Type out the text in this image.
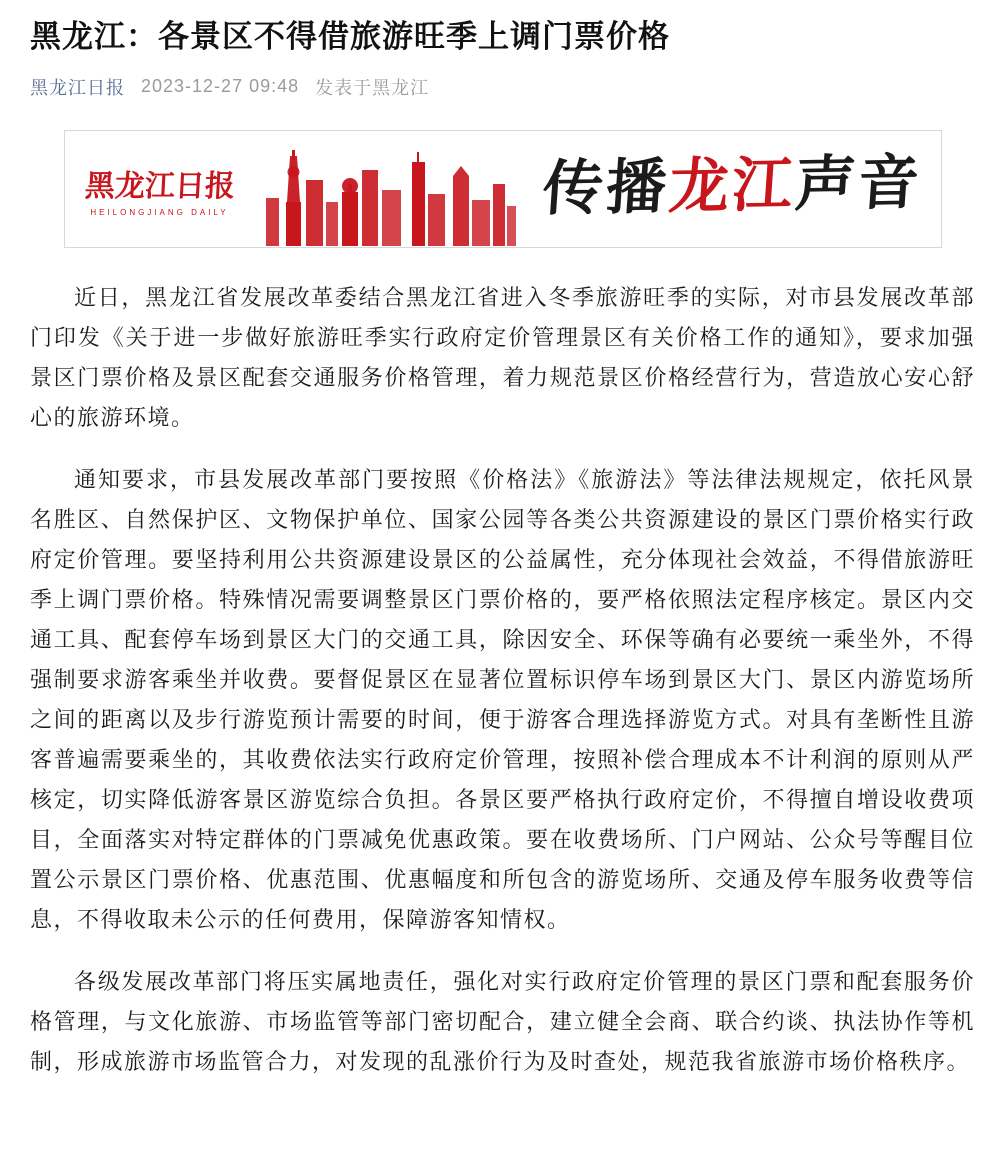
黑龙江：各景区不得借旅游旺季上调门票价格
黑龙江日报 2023-12-27 09:48 发表于黑龙江
黑龙江日报
HEILONGJIANG DAILY	传播龙江声音

近日，黑龙江省发展改革委结合黑龙江省进入冬季旅游旺季的实际，对市县发展改革部门印发《关于进一步做好旅游旺季实行政府定价管理景区有关价格工作的通知》，要求加强景区门票价格及景区配套交通服务价格管理，着力规范景区价格经营行为，营造放心安心舒心的旅游环境。

通知要求，市县发展改革部门要按照《价格法》《旅游法》等法律法规规定，依托风景名胜区、自然保护区、文物保护单位、国家公园等各类公共资源建设的景区门票价格实行政府定价管理。要坚持利用公共资源建设景区的公益属性，充分体现社会效益，不得借旅游旺季上调门票价格。特殊情况需要调整景区门票价格的，要严格依照法定程序核定。景区内交通工具、配套停车场到景区大门的交通工具，除因安全、环保等确有必要统一乘坐外，不得强制要求游客乘坐并收费。要督促景区在显著位置标识停车场到景区大门、景区内游览场所之间的距离以及步行游览预计需要的时间，便于游客合理选择游览方式。对具有垄断性且游客普遍需要乘坐的，其收费依法实行政府定价管理，按照补偿合理成本不计利润的原则从严核定，切实降低游客景区游览综合负担。各景区要严格执行政府定价，不得擅自增设收费项目，全面落实对特定群体的门票减免优惠政策。要在收费场所、门户网站、公众号等醒目位置公示景区门票价格、优惠范围、优惠幅度和所包含的游览场所、交通及停车服务收费等信息，不得收取未公示的任何费用，保障游客知情权。

各级发展改革部门将压实属地责任，强化对实行政府定价管理的景区门票和配套服务价格管理，与文化旅游、市场监管等部门密切配合，建立健全会商、联合约谈、执法协作等机制，形成旅游市场监管合力，对发现的乱涨价行为及时查处，规范我省旅游市场价格秩序。
